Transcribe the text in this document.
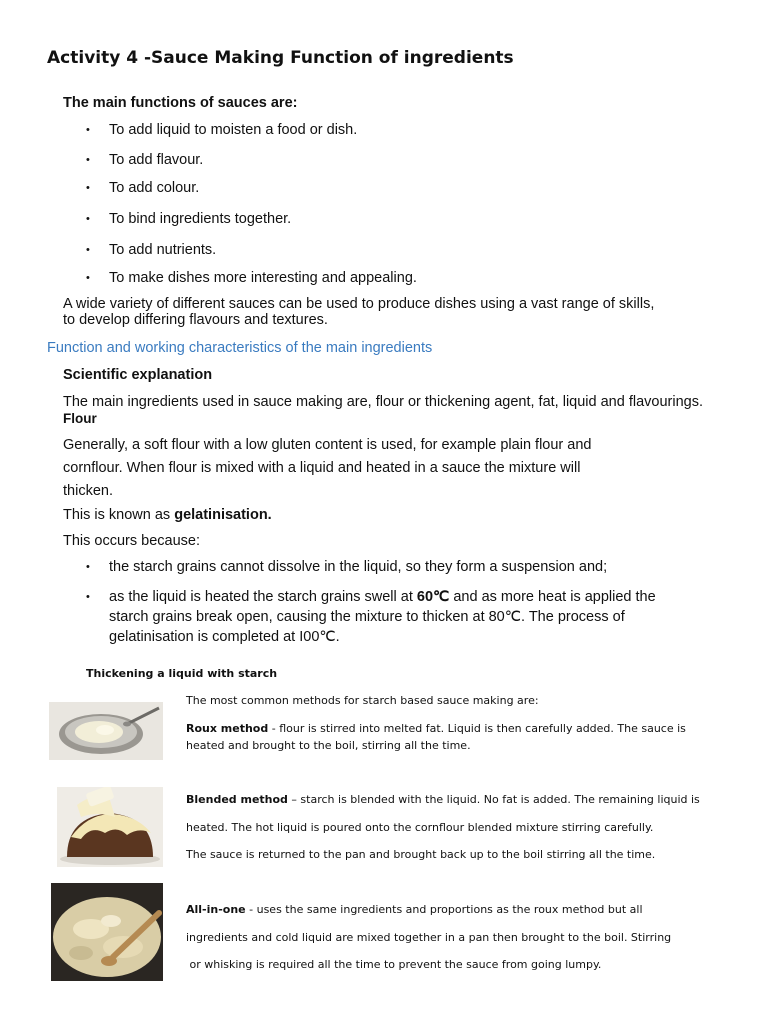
Activity 4 -Sauce Making Function of ingredients
The main functions of sauces are:
• To add liquid to moisten a food or dish.
• To add flavour.
• To add colour.
• To bind ingredients together.
• To add nutrients.
• To make dishes more interesting and appealing.
A wide variety of different sauces can be used to produce dishes using a vast range of skills,
to develop differing flavours and textures.
Function and working characteristics of the main ingredients
Scientific explanation
The main ingredients used in sauce making are, flour or thickening agent, fat, liquid and flavourings.
Flour
Generally, a soft flour with a low gluten content is used, for example plain flour and
cornflour. When flour is mixed with a liquid and heated in a sauce the mixture will
thicken.
This is known as gelatinisation.
This occurs because:
• the starch grains cannot dissolve in the liquid, so they form a suspension and;
• as the liquid is heated the starch grains swell at 60℃ and as more heat is applied the
starch grains break open, causing the mixture to thicken at 80℃. The process of
gelatinisation is completed at I00℃.
Thickening a liquid with starch
The most common methods for starch based sauce making are:
Roux method - flour is stirred into melted fat. Liquid is then carefully added. The sauce is
heated and brought to the boil, stirring all the time.
Blended method – starch is blended with the liquid. No fat is added. The remaining liquid is
heated. The hot liquid is poured onto the cornflour blended mixture stirring carefully.
The sauce is returned to the pan and brought back up to the boil stirring all the time.
All-in-one - uses the same ingredients and proportions as the roux method but all
ingredients and cold liquid are mixed together in a pan then brought to the boil. Stirring
or whisking is required all the time to prevent the sauce from going lumpy.
